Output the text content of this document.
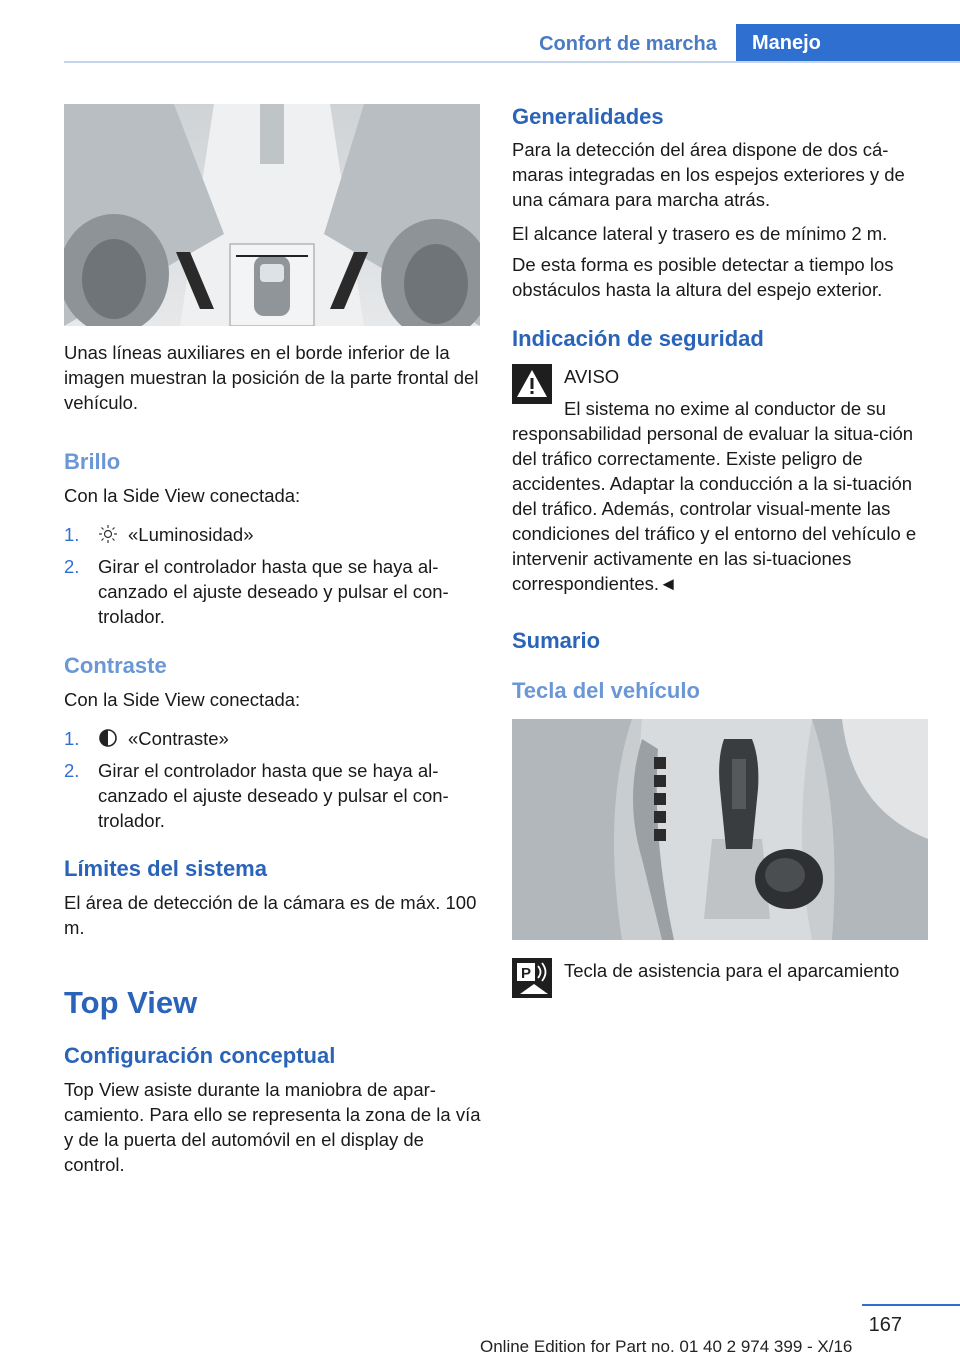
Confort de marcha	Manejo

Unas líneas auxiliares en el borde inferior de la imagen muestran la posición de la parte frontal del vehículo.

Brillo

Con la Side View conectada:

1.	«Luminosidad»
2. Girar el controlador hasta que se haya al-canzado el ajuste deseado y pulsar el con-trolador.
Contraste

Con la Side View conectada:

1.	«Contraste»
2. Girar el controlador hasta que se haya al-canzado el ajuste deseado y pulsar el con-trolador.
Límites del sistema

El área de detección de la cámara es de máx. 100 m.

Top View
Configuración conceptual

Top View asiste durante la maniobra de apar-camiento. Para ello se representa la zona de la vía y de la puerta del automóvil en el display de control.

Generalidades

Para la detección del área dispone de dos cá-maras integradas en los espejos exteriores y de una cámara para marcha atrás.

El alcance lateral y trasero es de mínimo 2 m.

De esta forma es posible detectar a tiempo los obstáculos hasta la altura del espejo exterior.

Indicación de seguridad

AVISO

El sistema no exime al conductor de su responsabilidad personal de evaluar la situa-ción del tráfico correctamente. Existe peligro de accidentes. Adaptar la conducción a la si-tuación del tráfico. Además, controlar visual-mente las condiciones del tráfico y el entorno del vehículo e intervenir activamente en las si-tuaciones correspondientes.◄

Sumario
Tecla del vehículo
P Tecla de asistencia para el aparcamiento

167
Online Edition for Part no. 01 40 2 974 399 - X/16
